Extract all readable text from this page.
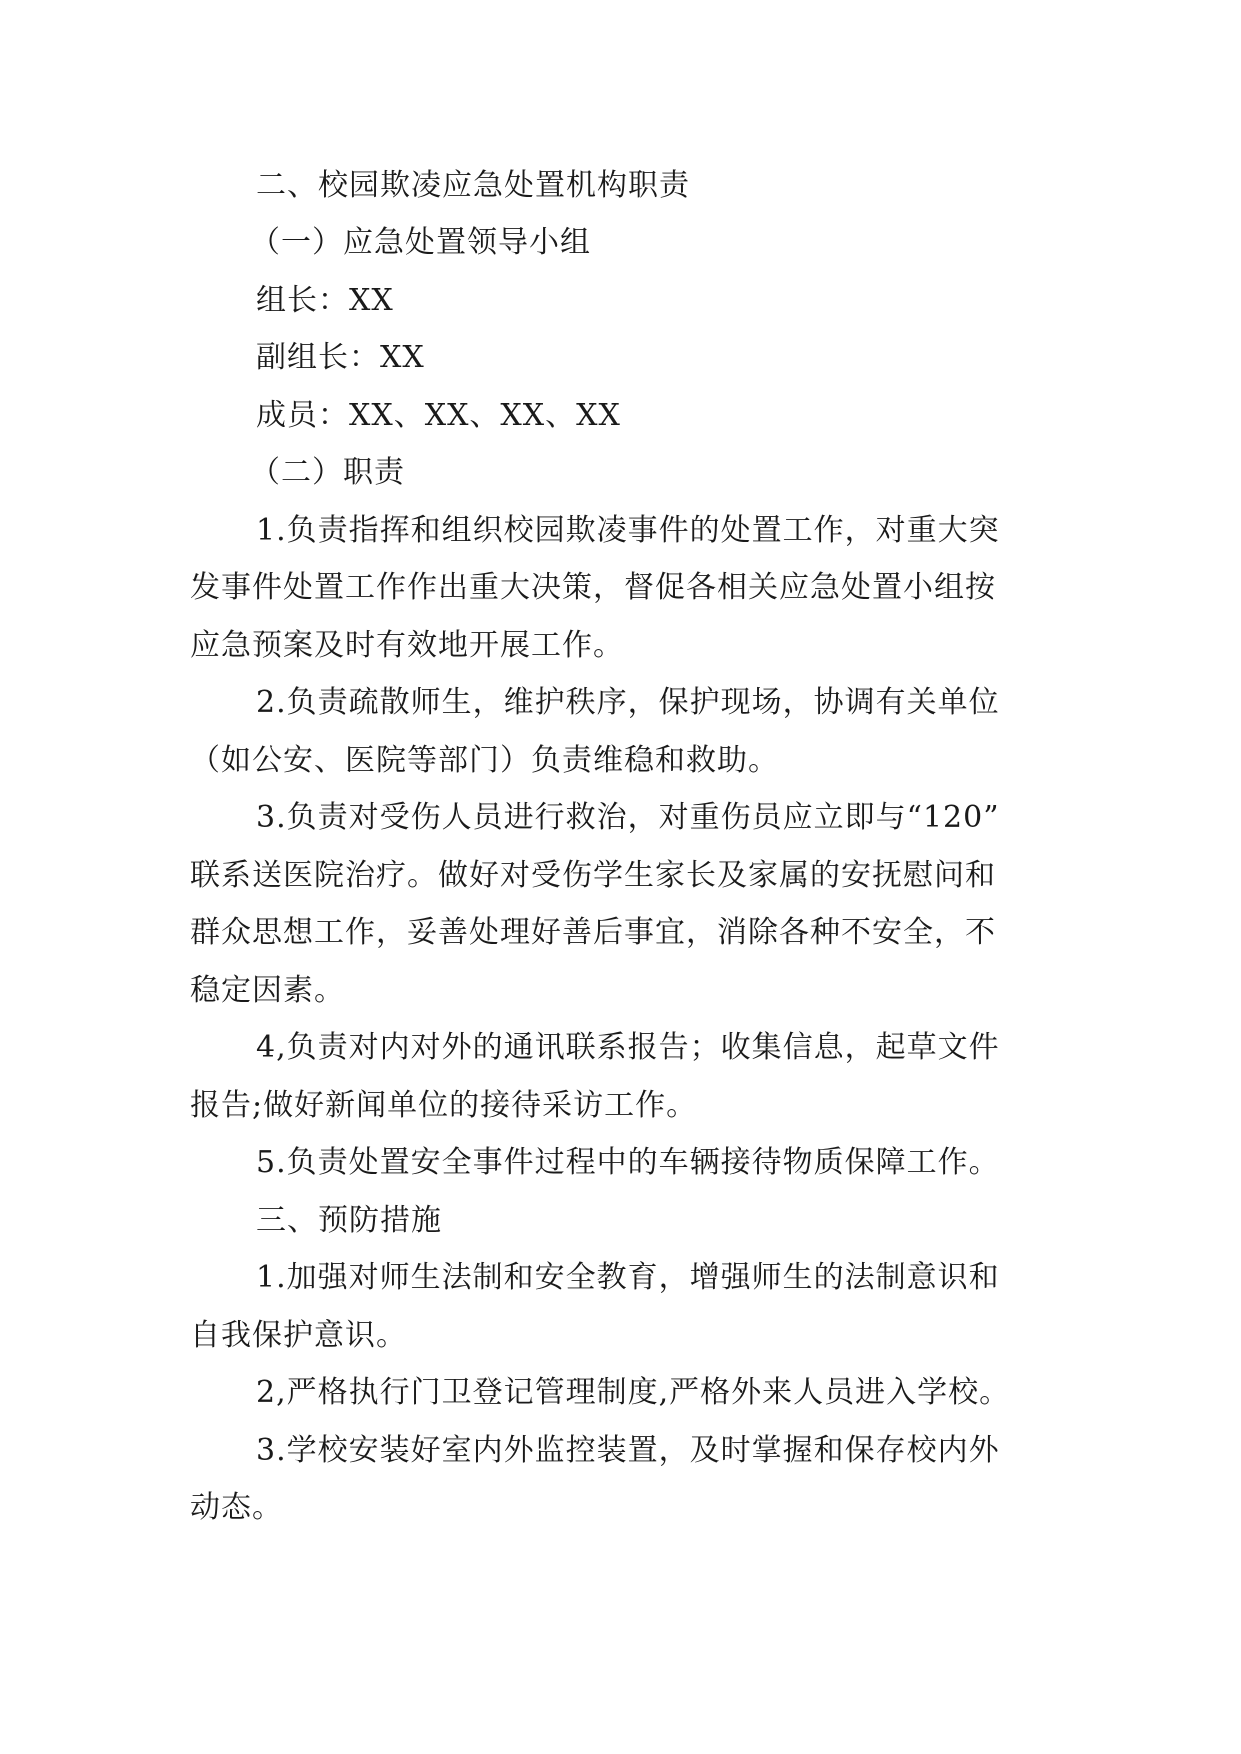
二、校园欺凌应急处置机构职责

（一）应急处置领导小组

组长：XX

副组长：XX

成员：XX、XX、XX、XX

（二）职责

1.负责指挥和组织校园欺凌事件的处置工作，对重大突

发事件处置工作作出重大决策，督促各相关应急处置小组按

应急预案及时有效地开展工作。

2.负责疏散师生，维护秩序，保护现场，协调有关单位

（如公安、医院等部门）负责维稳和救助。

3.负责对受伤人员进行救治，对重伤员应立即与“120”

联系送医院治疗。做好对受伤学生家长及家属的安抚慰问和

群众思想工作，妥善处理好善后事宜，消除各种不安全，不

稳定因素。

4,负责对内对外的通讯联系报告；收集信息，起草文件

报告;做好新闻单位的接待采访工作。

5.负责处置安全事件过程中的车辆接待物质保障工作。

三、预防措施

1.加强对师生法制和安全教育，增强师生的法制意识和

自我保护意识。

2,严格执行门卫登记管理制度,严格外来人员进入学校。

3.学校安装好室内外监控装置，及时掌握和保存校内外

动态。
